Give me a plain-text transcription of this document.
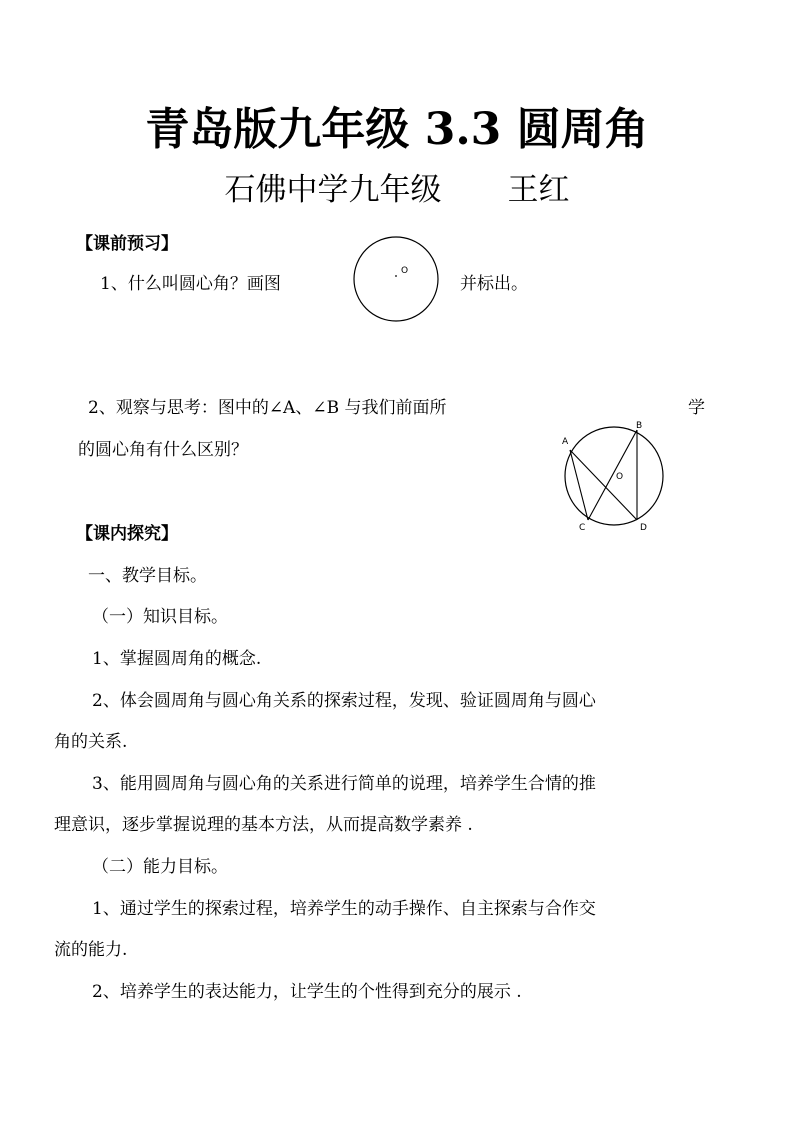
青岛版九年级 3.3 圆周角
石佛中学九年级 王红
【课前预习】
1、什么叫圆心角？画图
O
并标出。
2、观察与思考：图中的∠A、∠B 与我们前面所	学
的圆心角有什么区别？	A
B
C	D
O
【课内探究】
一、教学目标。
（一）知识目标。
1、掌握圆周角的概念.
2、体会圆周角与圆心角关系的探索过程，发现、验证圆周角与圆心
角的关系.
3、能用圆周角与圆心角的关系进行简单的说理，培养学生合情的推
理意识，逐步掌握说理的基本方法，从而提高数学素养 .
（二）能力目标。
1、通过学生的探索过程，培养学生的动手操作、自主探索与合作交
流的能力.
2、培养学生的表达能力，让学生的个性得到充分的展示 .
